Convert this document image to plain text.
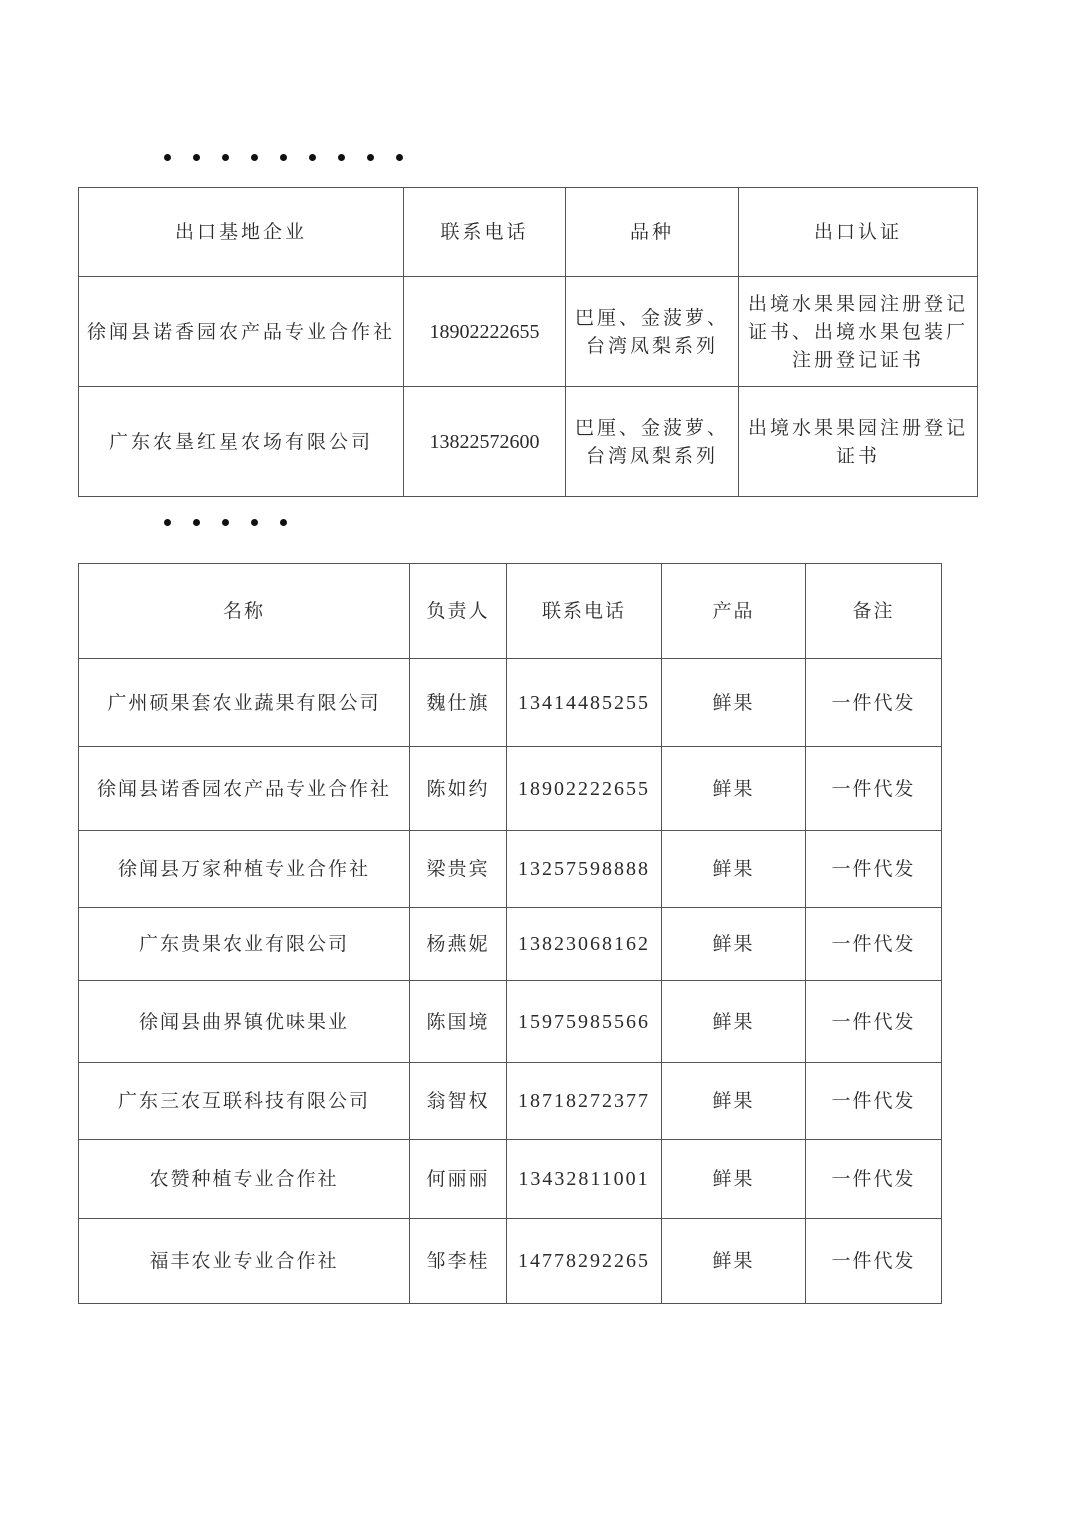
出口基地企业	联系电话	品种	出口认证
徐闻县诺香园农产品专业合作社	18902222655	巴厘、金菠萝、台湾凤梨系列	出境水果果园注册登记证书、出境水果包装厂注册登记证书
广东农垦红星农场有限公司	13822572600	巴厘、金菠萝、台湾凤梨系列	出境水果果园注册登记证书
名称	负责人	联系电话	产品	备注
广州硕果套农业蔬果有限公司	魏仕旗	13414485255	鲜果	一件代发
徐闻县诺香园农产品专业合作社	陈如约	18902222655	鲜果	一件代发
徐闻县万家种植专业合作社	梁贵宾	13257598888	鲜果	一件代发
广东贵果农业有限公司	杨燕妮	13823068162	鲜果	一件代发
徐闻县曲界镇优味果业	陈国境	15975985566	鲜果	一件代发
广东三农互联科技有限公司	翁智权	18718272377	鲜果	一件代发
农赞种植专业合作社	何丽丽	13432811001	鲜果	一件代发
福丰农业专业合作社	邹李桂	14778292265	鲜果	一件代发
